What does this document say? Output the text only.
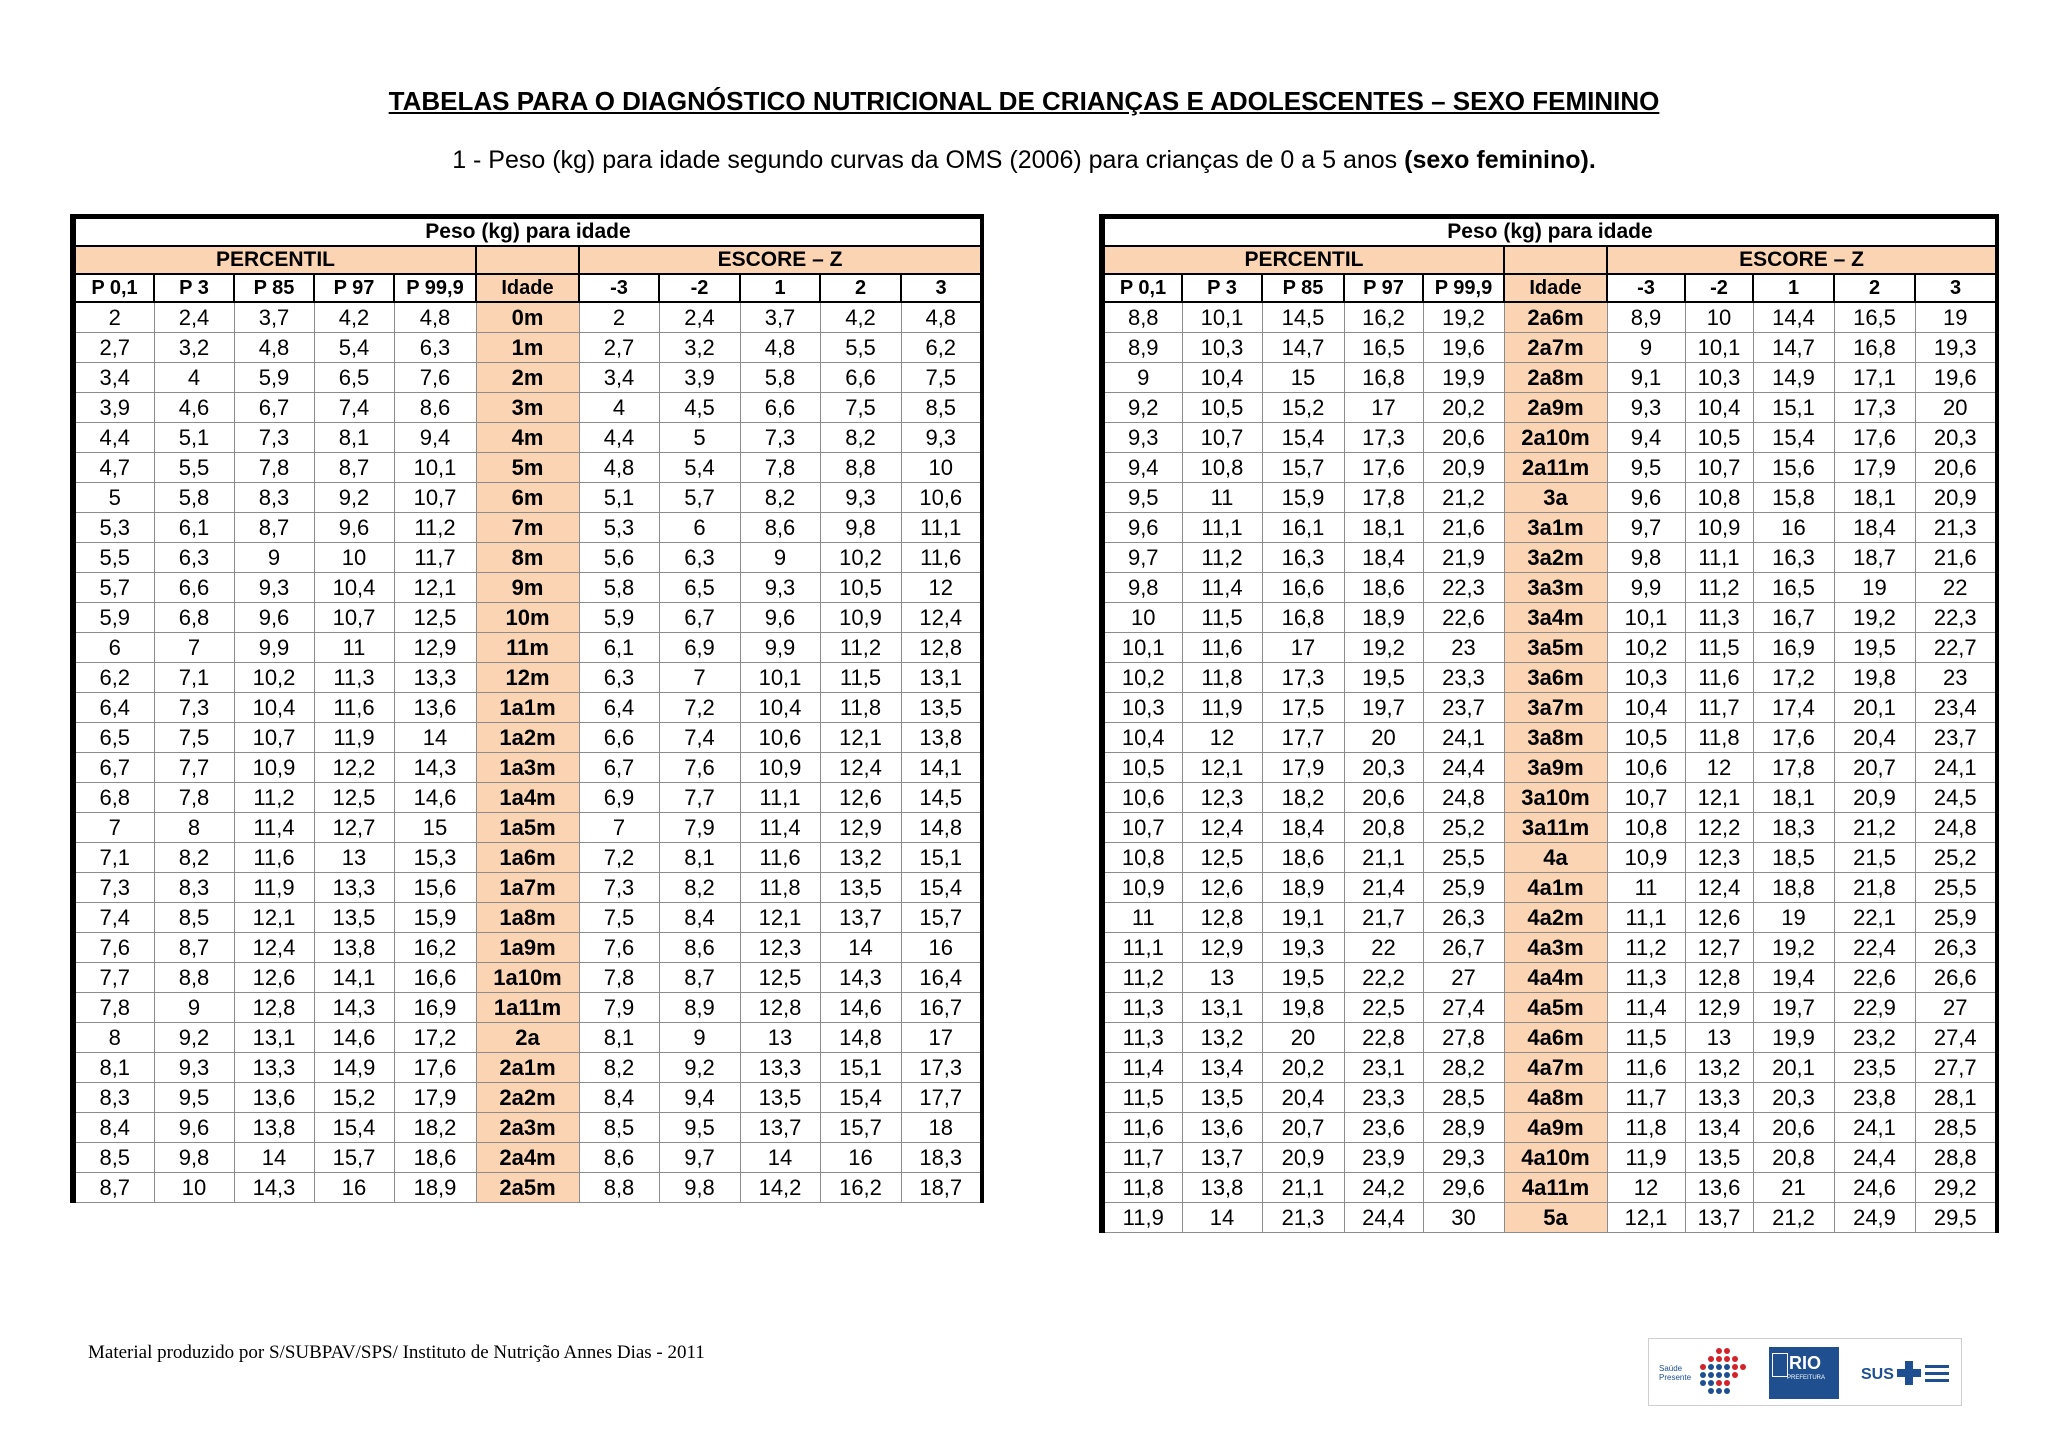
TABELAS PARA O DIAGNÓSTICO NUTRICIONAL DE CRIANÇAS E ADOLESCENTES – SEXO FEMININO
1 - Peso (kg) para idade segundo curvas da OMS (2006) para crianças de 0 a 5 anos (sexo feminino).
Peso (kg) para idade										
PERCENTIL						ESCORE – Z				
P 0,1	P 3	P 85	P 97	P 99,9	Idade	-3	-2	1	2	3
2	2,4	3,7	4,2	4,8	0m	2	2,4	3,7	4,2	4,8
2,7	3,2	4,8	5,4	6,3	1m	2,7	3,2	4,8	5,5	6,2
3,4	4	5,9	6,5	7,6	2m	3,4	3,9	5,8	6,6	7,5
3,9	4,6	6,7	7,4	8,6	3m	4	4,5	6,6	7,5	8,5
4,4	5,1	7,3	8,1	9,4	4m	4,4	5	7,3	8,2	9,3
4,7	5,5	7,8	8,7	10,1	5m	4,8	5,4	7,8	8,8	10
5	5,8	8,3	9,2	10,7	6m	5,1	5,7	8,2	9,3	10,6
5,3	6,1	8,7	9,6	11,2	7m	5,3	6	8,6	9,8	11,1
5,5	6,3	9	10	11,7	8m	5,6	6,3	9	10,2	11,6
5,7	6,6	9,3	10,4	12,1	9m	5,8	6,5	9,3	10,5	12
5,9	6,8	9,6	10,7	12,5	10m	5,9	6,7	9,6	10,9	12,4
6	7	9,9	11	12,9	11m	6,1	6,9	9,9	11,2	12,8
6,2	7,1	10,2	11,3	13,3	12m	6,3	7	10,1	11,5	13,1
6,4	7,3	10,4	11,6	13,6	1a1m	6,4	7,2	10,4	11,8	13,5
6,5	7,5	10,7	11,9	14	1a2m	6,6	7,4	10,6	12,1	13,8
6,7	7,7	10,9	12,2	14,3	1a3m	6,7	7,6	10,9	12,4	14,1
6,8	7,8	11,2	12,5	14,6	1a4m	6,9	7,7	11,1	12,6	14,5
7	8	11,4	12,7	15	1a5m	7	7,9	11,4	12,9	14,8
7,1	8,2	11,6	13	15,3	1a6m	7,2	8,1	11,6	13,2	15,1
7,3	8,3	11,9	13,3	15,6	1a7m	7,3	8,2	11,8	13,5	15,4
7,4	8,5	12,1	13,5	15,9	1a8m	7,5	8,4	12,1	13,7	15,7
7,6	8,7	12,4	13,8	16,2	1a9m	7,6	8,6	12,3	14	16
7,7	8,8	12,6	14,1	16,6	1a10m	7,8	8,7	12,5	14,3	16,4
7,8	9	12,8	14,3	16,9	1a11m	7,9	8,9	12,8	14,6	16,7
8	9,2	13,1	14,6	17,2	2a	8,1	9	13	14,8	17
8,1	9,3	13,3	14,9	17,6	2a1m	8,2	9,2	13,3	15,1	17,3
8,3	9,5	13,6	15,2	17,9	2a2m	8,4	9,4	13,5	15,4	17,7
8,4	9,6	13,8	15,4	18,2	2a3m	8,5	9,5	13,7	15,7	18
8,5	9,8	14	15,7	18,6	2a4m	8,6	9,7	14	16	18,3
8,7	10	14,3	16	18,9	2a5m	8,8	9,8	14,2	16,2	18,7
Peso (kg) para idade										
PERCENTIL						ESCORE – Z				
P 0,1	P 3	P 85	P 97	P 99,9	Idade	-3	-2	1	2	3
8,8	10,1	14,5	16,2	19,2	2a6m	8,9	10	14,4	16,5	19
8,9	10,3	14,7	16,5	19,6	2a7m	9	10,1	14,7	16,8	19,3
9	10,4	15	16,8	19,9	2a8m	9,1	10,3	14,9	17,1	19,6
9,2	10,5	15,2	17	20,2	2a9m	9,3	10,4	15,1	17,3	20
9,3	10,7	15,4	17,3	20,6	2a10m	9,4	10,5	15,4	17,6	20,3
9,4	10,8	15,7	17,6	20,9	2a11m	9,5	10,7	15,6	17,9	20,6
9,5	11	15,9	17,8	21,2	3a	9,6	10,8	15,8	18,1	20,9
9,6	11,1	16,1	18,1	21,6	3a1m	9,7	10,9	16	18,4	21,3
9,7	11,2	16,3	18,4	21,9	3a2m	9,8	11,1	16,3	18,7	21,6
9,8	11,4	16,6	18,6	22,3	3a3m	9,9	11,2	16,5	19	22
10	11,5	16,8	18,9	22,6	3a4m	10,1	11,3	16,7	19,2	22,3
10,1	11,6	17	19,2	23	3a5m	10,2	11,5	16,9	19,5	22,7
10,2	11,8	17,3	19,5	23,3	3a6m	10,3	11,6	17,2	19,8	23
10,3	11,9	17,5	19,7	23,7	3a7m	10,4	11,7	17,4	20,1	23,4
10,4	12	17,7	20	24,1	3a8m	10,5	11,8	17,6	20,4	23,7
10,5	12,1	17,9	20,3	24,4	3a9m	10,6	12	17,8	20,7	24,1
10,6	12,3	18,2	20,6	24,8	3a10m	10,7	12,1	18,1	20,9	24,5
10,7	12,4	18,4	20,8	25,2	3a11m	10,8	12,2	18,3	21,2	24,8
10,8	12,5	18,6	21,1	25,5	4a	10,9	12,3	18,5	21,5	25,2
10,9	12,6	18,9	21,4	25,9	4a1m	11	12,4	18,8	21,8	25,5
11	12,8	19,1	21,7	26,3	4a2m	11,1	12,6	19	22,1	25,9
11,1	12,9	19,3	22	26,7	4a3m	11,2	12,7	19,2	22,4	26,3
11,2	13	19,5	22,2	27	4a4m	11,3	12,8	19,4	22,6	26,6
11,3	13,1	19,8	22,5	27,4	4a5m	11,4	12,9	19,7	22,9	27
11,3	13,2	20	22,8	27,8	4a6m	11,5	13	19,9	23,2	27,4
11,4	13,4	20,2	23,1	28,2	4a7m	11,6	13,2	20,1	23,5	27,7
11,5	13,5	20,4	23,3	28,5	4a8m	11,7	13,3	20,3	23,8	28,1
11,6	13,6	20,7	23,6	28,9	4a9m	11,8	13,4	20,6	24,1	28,5
11,7	13,7	20,9	23,9	29,3	4a10m	11,9	13,5	20,8	24,4	28,8
11,8	13,8	21,1	24,2	29,6	4a11m	12	13,6	21	24,6	29,2
11,9	14	21,3	24,4	30	5a	12,1	13,7	21,2	24,9	29,5
Material produzido por S/SUBPAV/SPS/ Instituto de Nutrição Annes Dias - 2011
Saúde
Presente
RIO
PREFEITURA SUS
